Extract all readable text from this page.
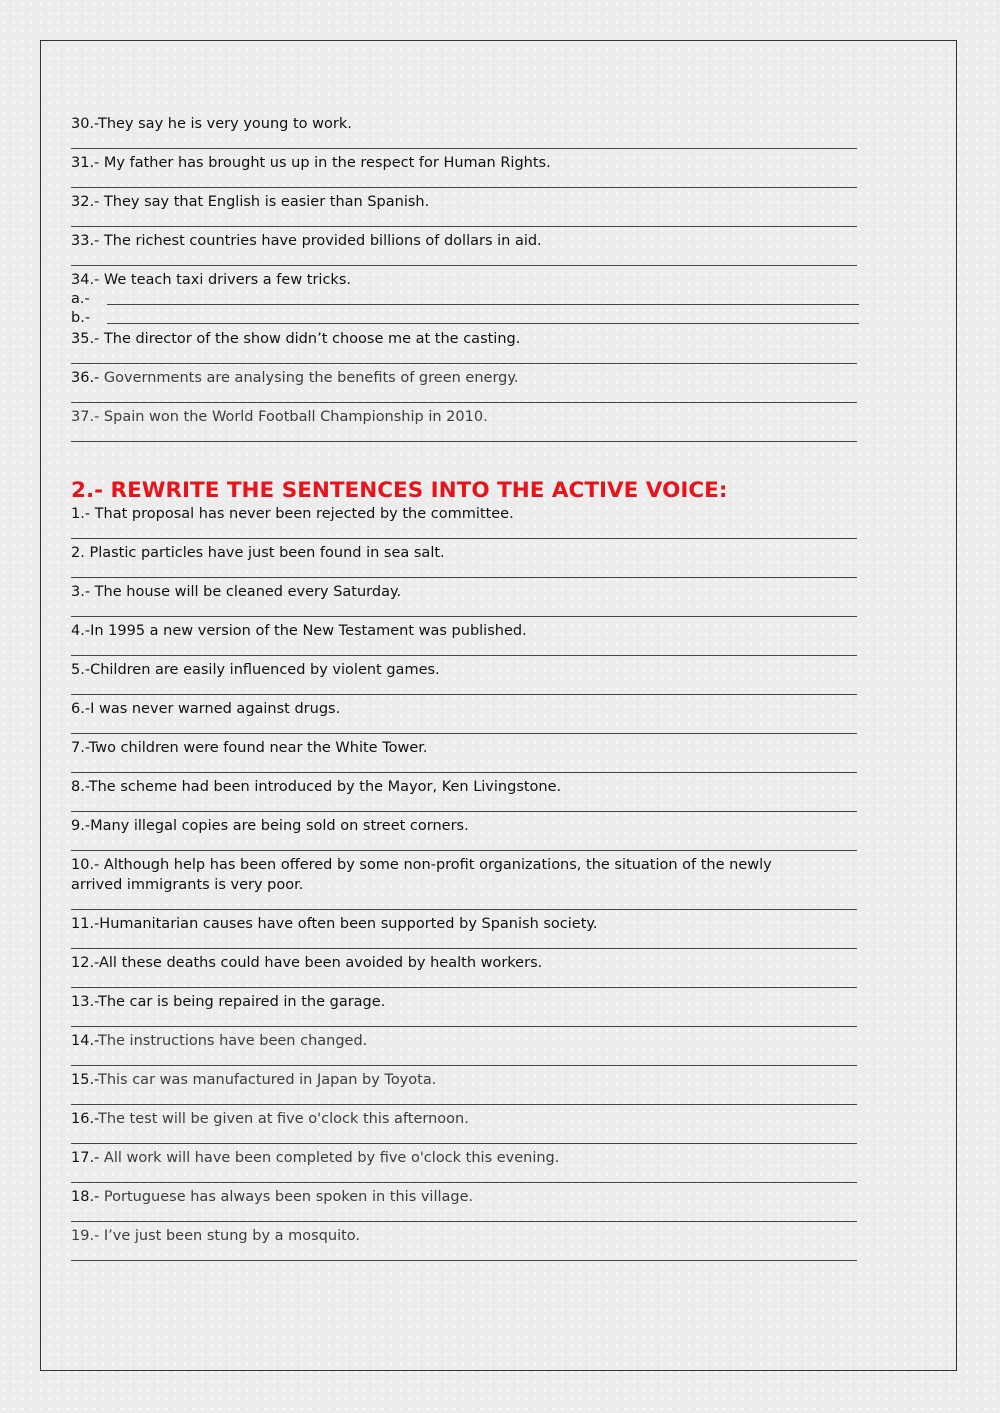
30.-They say he is very young to work.
31.- My father has brought us up in the respect for Human Rights.
32.- They say that English is easier than Spanish.
33.- The richest countries have provided billions of dollars in aid.
34.- We teach taxi drivers a few tricks.
a.-
b.-
35.- The director of the show didn’t choose me at the casting.
36.- Governments are analysing the benefits of green energy.
37.- Spain won the World Football Championship in 2010.
2.- REWRITE THE SENTENCES INTO THE ACTIVE VOICE:
1.- That proposal has never been rejected by the committee.
2. Plastic particles have just been found in sea salt.
3.- The house will be cleaned every Saturday.
4.-In 1995 a new version of the New Testament was published.
5.-Children are easily influenced by violent games.
6.-I was never warned against drugs.
7.-Two children were found near the White Tower.
8.-The scheme had been introduced by the Mayor, Ken Livingstone.
9.-Many illegal copies are being sold on street corners.
10.- Although help has been offered by some non-profit organizations, the situation of the newly arrived immigrants is very poor.
11.-Humanitarian causes have often been supported by Spanish society.
12.-All these deaths could have been avoided by health workers.
13.-The car is being repaired in the garage.
14.-The instructions have been changed.
15.-This car was manufactured in Japan by Toyota.
16.-The test will be given at five o'clock this afternoon.
17.- All work will have been completed by five o'clock this evening.
18.- Portuguese has always been spoken in this village.
19.- I’ve just been stung by a mosquito.
